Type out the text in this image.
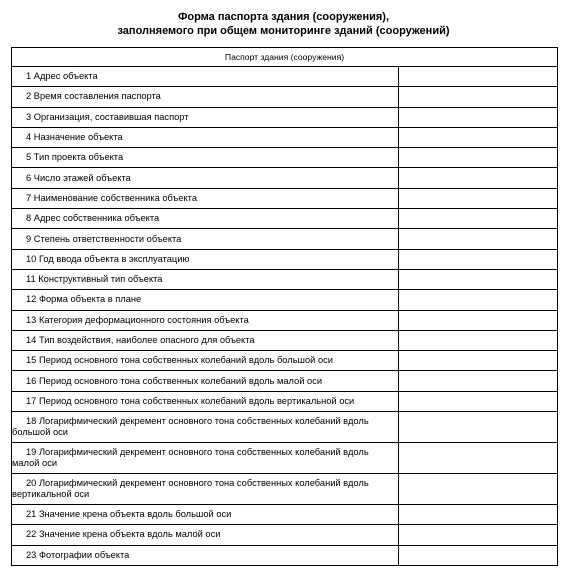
Форма паспорта здания (сооружения),
заполняемого при общем мониторинге зданий (сооружений)
Паспорт здания (сооружения)	

1 Адрес объекта	

2 Время составления паспорта	

3 Организация, составившая паспорт	

4 Назначение объекта	

5 Тип проекта объекта	

6 Число этажей объекта	

7 Наименование собственника объекта	

8 Адрес собственника объекта	

9 Степень ответственности объекта	

10 Год ввода объекта в эксплуатацию	

11 Конструктивный тип объекта	

12 Форма объекта в плане	

13 Категория деформационного состояния объекта	

14 Тип воздействия, наиболее опасного для объекта	

15 Период основного тона собственных колебаний вдоль большой оси	

16 Период основного тона собственных колебаний вдоль малой оси	

17 Период основного тона собственных колебаний вдоль вертикальной оси	

18 Логарифмический декремент основного тона собственных колебаний вдоль большой оси	

19 Логарифмический декремент основного тона собственных колебаний вдоль малой оси	

20 Логарифмический декремент основного тона собственных колебаний вдоль вертикальной оси	

21 Значение крена объекта вдоль большой оси	

22 Значение крена объекта вдоль малой оси	

23 Фотографии объекта	
